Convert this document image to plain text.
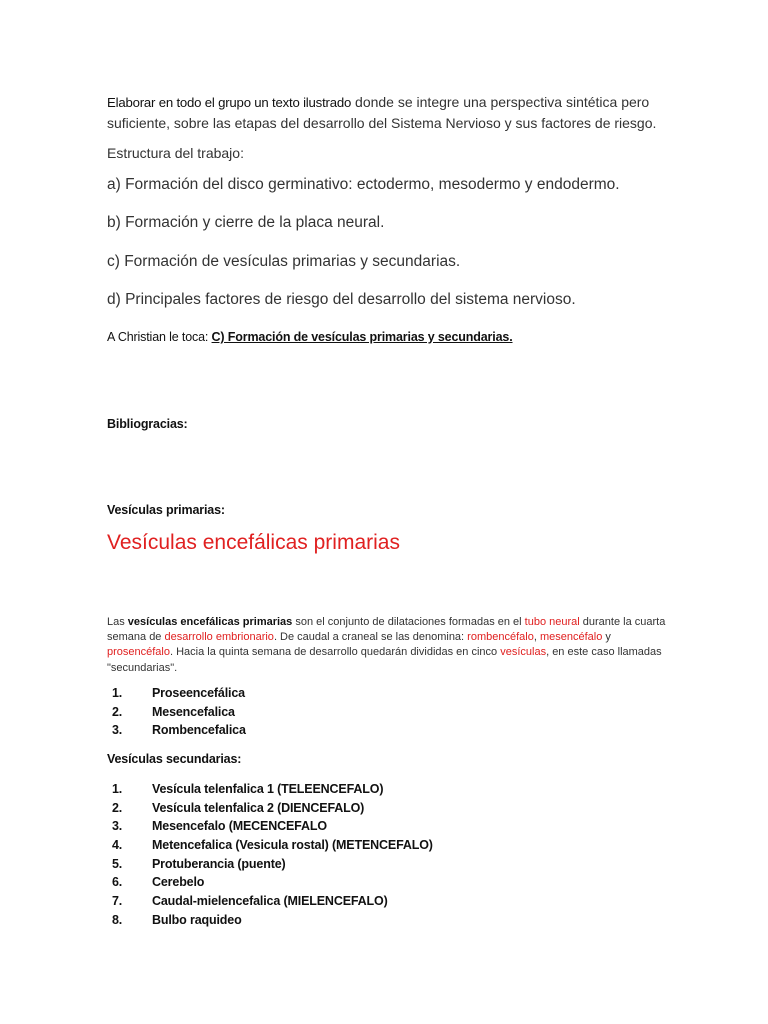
Elaborar en todo el grupo un texto ilustrado donde se integre una perspectiva sintética pero suficiente, sobre las etapas del desarrollo del Sistema Nervioso y sus factores de riesgo.
Estructura del trabajo:
a) Formación del disco germinativo: ectodermo, mesodermo y endodermo.
b) Formación y cierre de la placa neural.
c) Formación de vesículas primarias y secundarias.
d) Principales factores de riesgo del desarrollo del sistema nervioso.
A Christian le toca: C) Formación de vesículas primarias y secundarias.
Bibliogracias:
Vesículas primarias:
Vesículas encefálicas primarias
Las vesículas encefálicas primarias son el conjunto de dilataciones formadas en el tubo neural durante la cuarta semana de desarrollo embrionario. De caudal a craneal se las denomina: rombencéfalo, mesencéfalo y prosencéfalo. Hacia la quinta semana de desarrollo quedarán divididas en cinco vesículas, en este caso llamadas "secundarias".
1.	Proseencefálica
2.	Mesencefalica
3.	Rombencefalica
Vesículas secundarias:
1.	Vesícula telenfalica 1 (TELEENCEFALO)
2.	Vesícula telenfalica 2 (DIENCEFALO)
3.	Mesencefalo (MECENCEFALO
4.	Metencefalica (Vesicula rostal) (METENCEFALO)
5.	Protuberancia (puente)
6.	Cerebelo
7.	Caudal-mielencefalica (MIELENCEFALO)
8.	Bulbo raquideo
